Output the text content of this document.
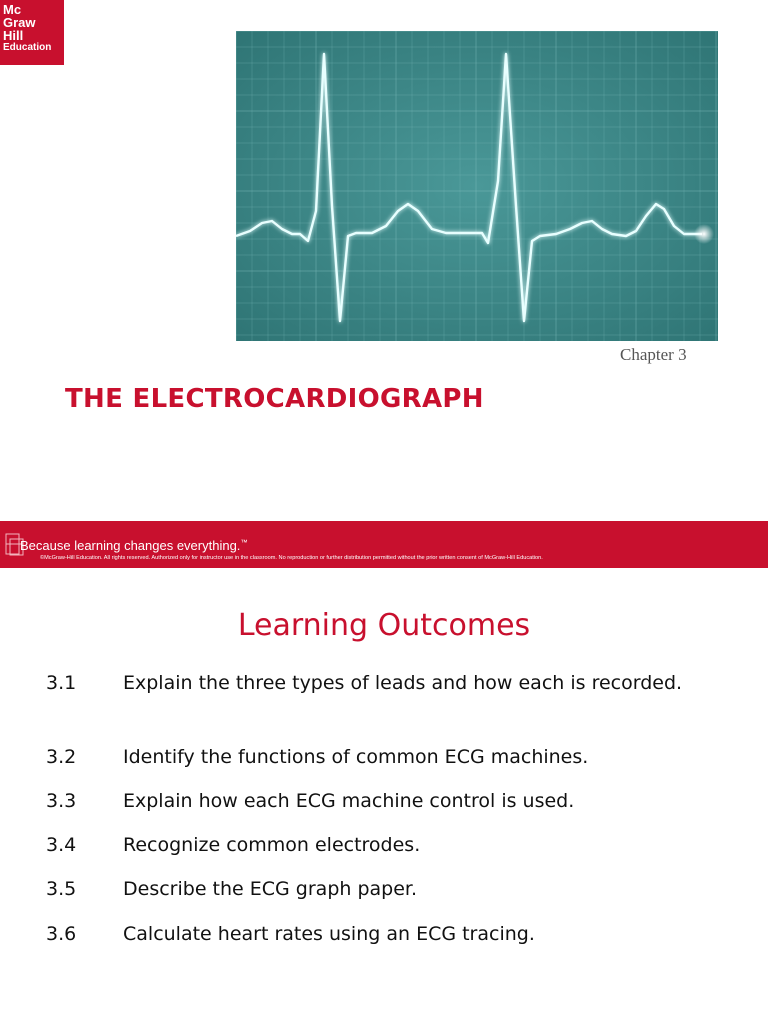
Mc
Graw
Hill
Education
Chapter 3
THE ELECTROCARDIOGRAPH
Because learning changes everything.™
©McGraw-Hill Education. All rights reserved. Authorized only for instructor use in the classroom. No reproduction or further distribution permitted without the prior written consent of McGraw-Hill Education.
Learning Outcomes
3.1 Explain the three types of leads and how each is recorded.
3.2 Identify the functions of common ECG machines.
3.3 Explain how each ECG machine control is used.
3.4 Recognize common electrodes.
3.5 Describe the ECG graph paper.
3.6 Calculate heart rates using an ECG tracing.
